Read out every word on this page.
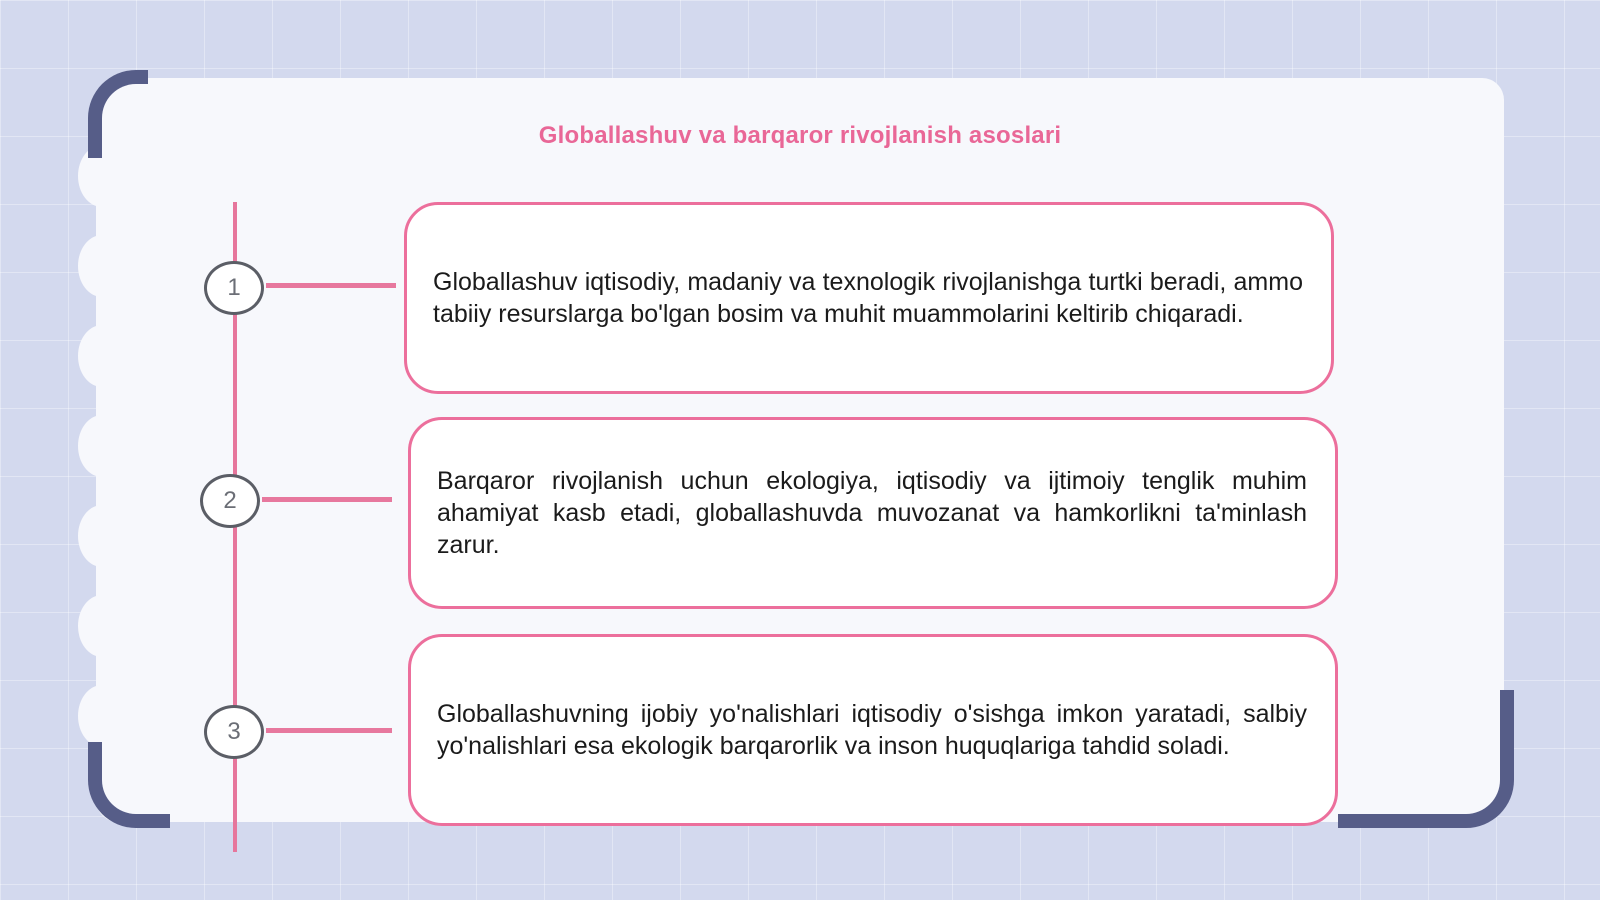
Globallashuv va barqaror rivojlanish asoslari
1	Globallashuv iqtisodiy, madaniy va texnologik rivojlanishga turtki beradi, ammo tabiiy resurslarga bo'lgan bosim va muhit muammolarini keltirib chiqaradi.

2

Barqaror rivojlanish uchun ekologiya, iqtisodiy va ijtimoiy tenglik muhim ahamiyat kasb etadi, globallashuvda muvozanat va hamkorlikni ta'minlash zarur.

3

Globallashuvning ijobiy yo'nalishlari iqtisodiy o'sishga imkon yaratadi, salbiy yo'nalishlari esa ekologik barqarorlik va inson huquqlariga tahdid soladi.
